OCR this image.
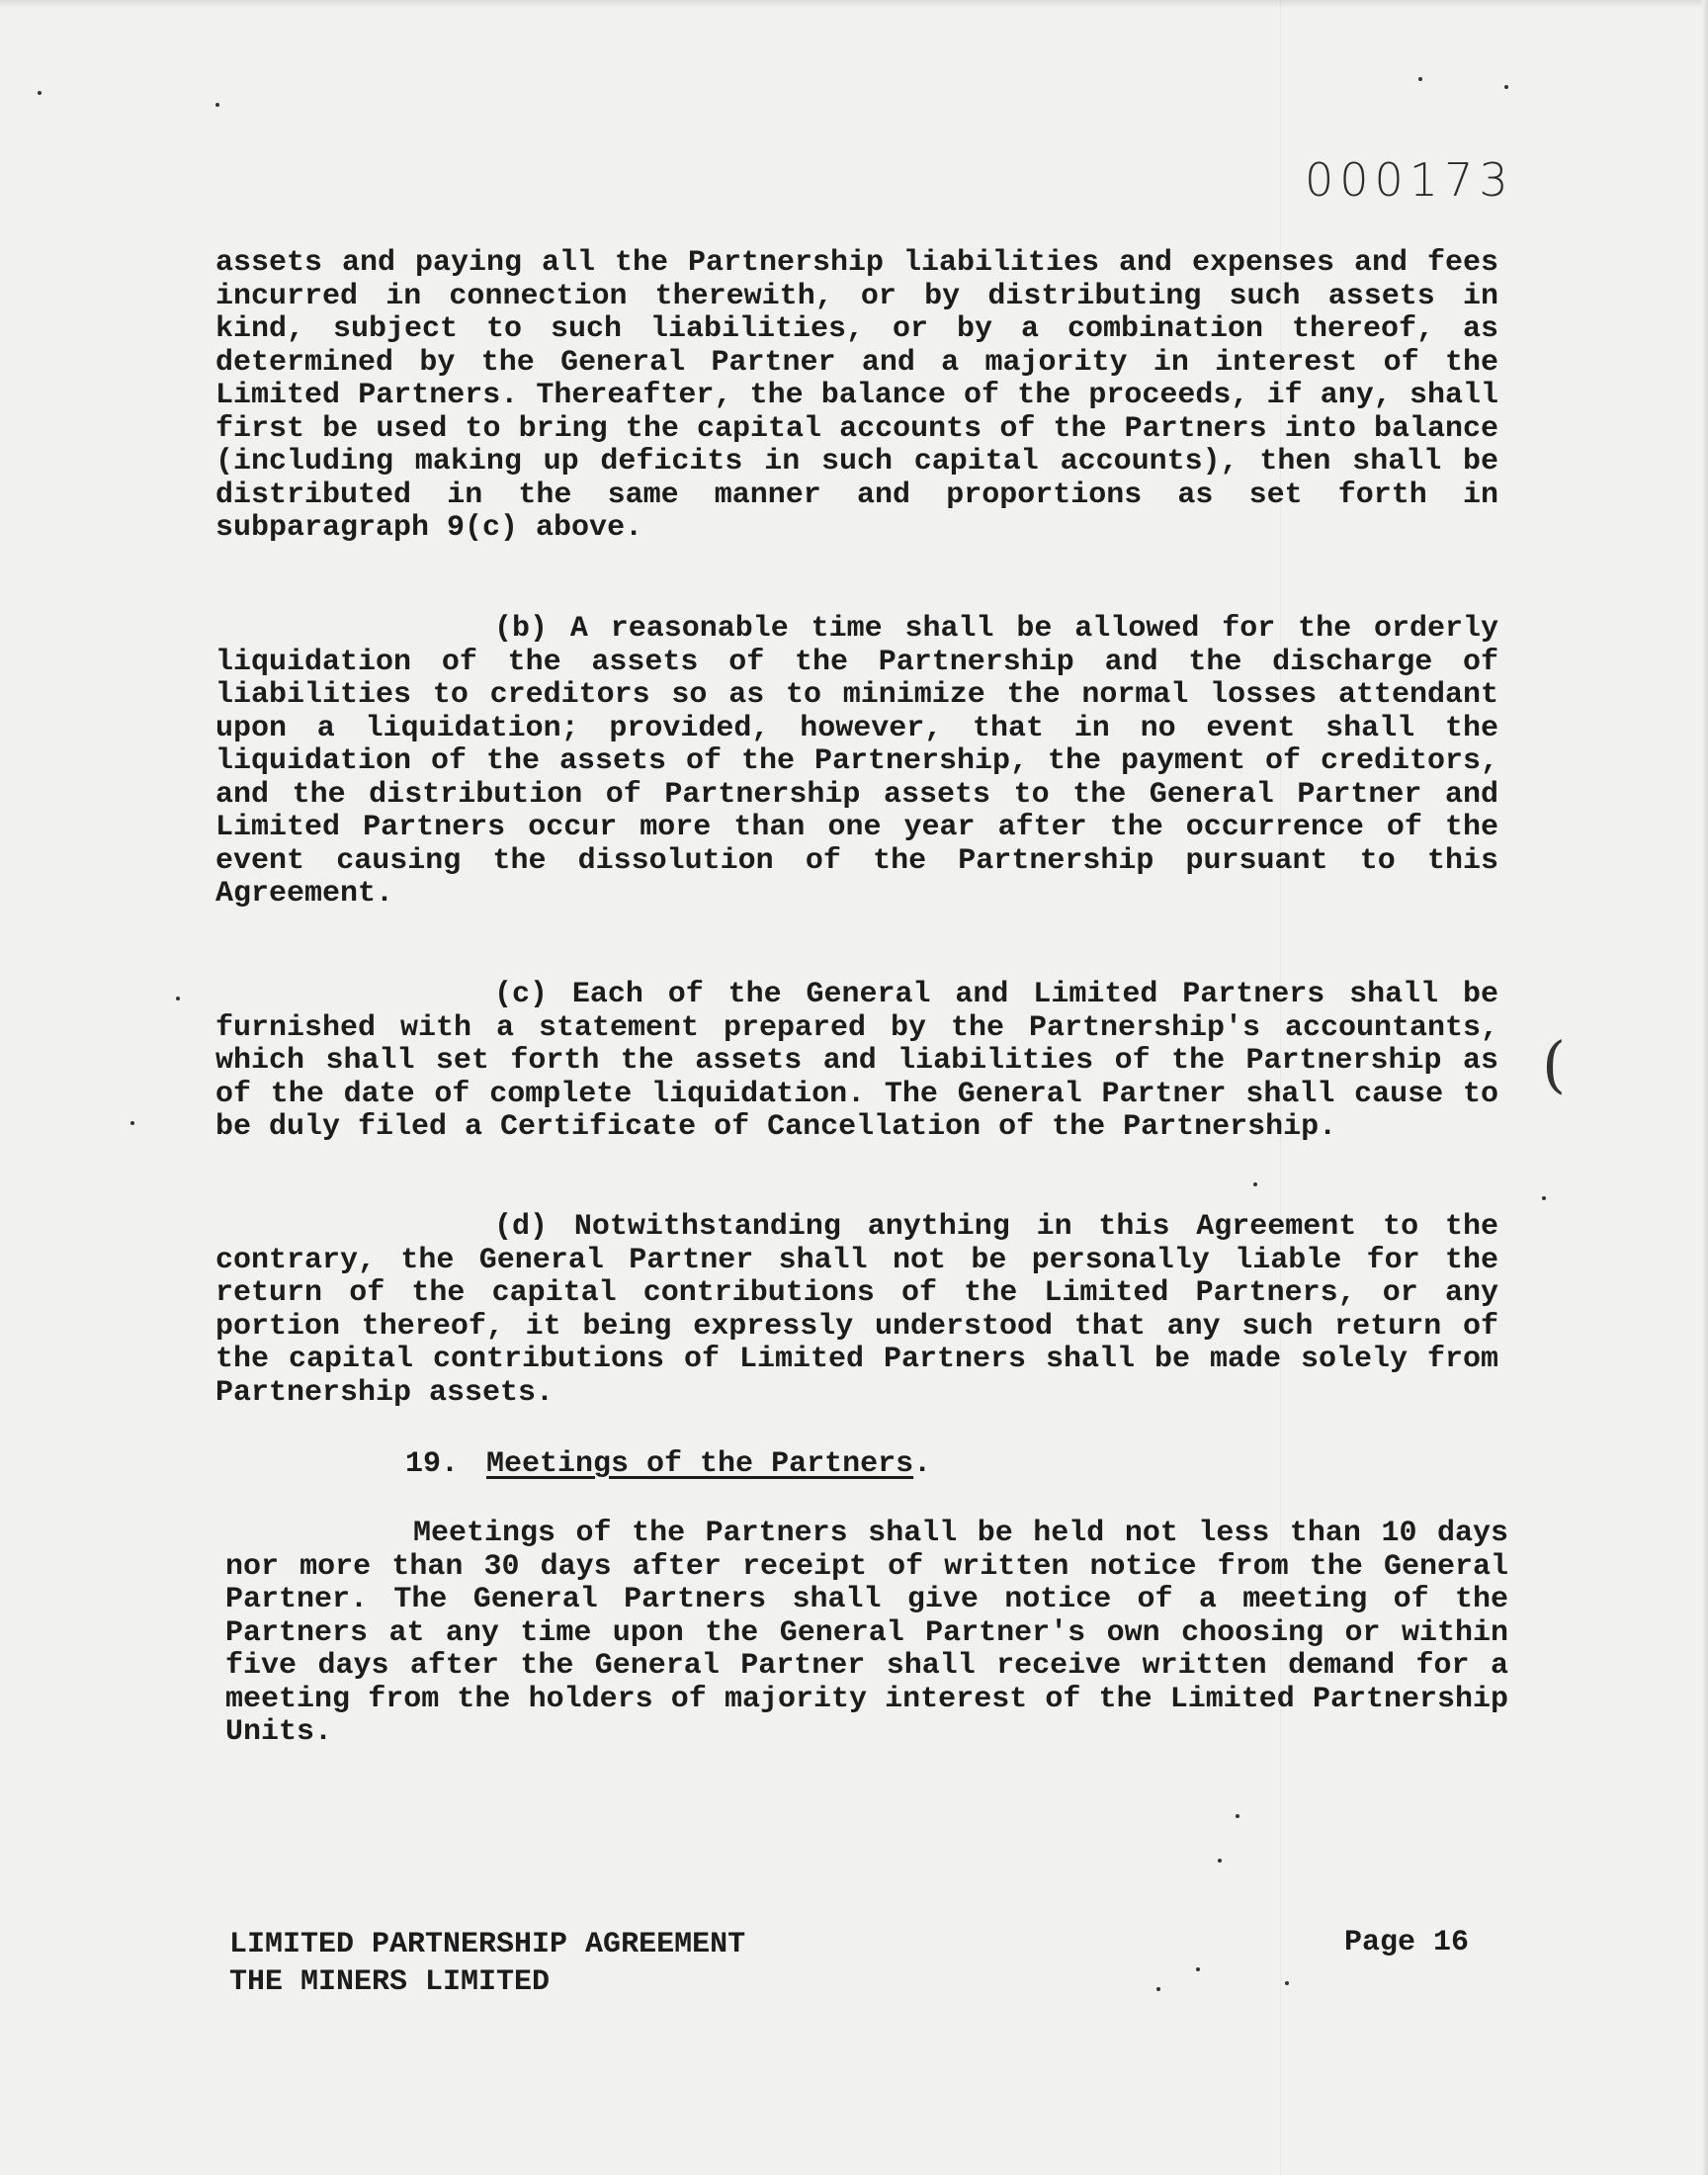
000173

assets and paying all the Partnership liabilities and expenses and fees incurred in connection therewith, or by distributing such assets in kind, subject to such liabilities, or by a combination thereof, as determined by the General Partner and a majority in interest of the Limited Partners. Thereafter, the balance of the proceeds, if any, shall first be used to bring the capital accounts of the Partners into balance (including making up deficits in such capital accounts), then shall be distributed in the same manner and proportions as set forth in subparagraph 9(c) above.

(b) A reasonable time shall be allowed for the orderly liquidation of the assets of the Partnership and the discharge of liabilities to creditors so as to minimize the normal losses attendant upon a liquidation; provided, however, that in no event shall the liquidation of the assets of the Partnership, the payment of creditors, and the distribution of Partnership assets to the General Partner and Limited Partners occur more than one year after the occurrence of the event causing the dissolution of the Partnership pursuant to this Agreement.

(c) Each of the General and Limited Partners shall be furnished with a statement prepared by the Partnership's accountants, which shall set forth the assets and liabilities of the Partnership as of the date of complete liquidation. The General Partner shall cause to be duly filed a Certificate of Cancellation of the Partnership.

(d) Notwithstanding anything in this Agreement to the contrary, the General Partner shall not be personally liable for the return of the capital contributions of the Limited Partners, or any portion thereof, it being expressly understood that any such return of the capital contributions of Limited Partners shall be made solely from Partnership assets.

19. Meetings of the Partners.

Meetings of the Partners shall be held not less than 10 days nor more than 30 days after receipt of written notice from the General Partner. The General Partners shall give notice of a meeting of the Partners at any time upon the General Partner's own choosing or within five days after the General Partner shall receive written demand for a meeting from the holders of majority interest of the Limited Partnership Units.

LIMITED PARTNERSHIP AGREEMENT
THE MINERS LIMITED
Page 16
(
